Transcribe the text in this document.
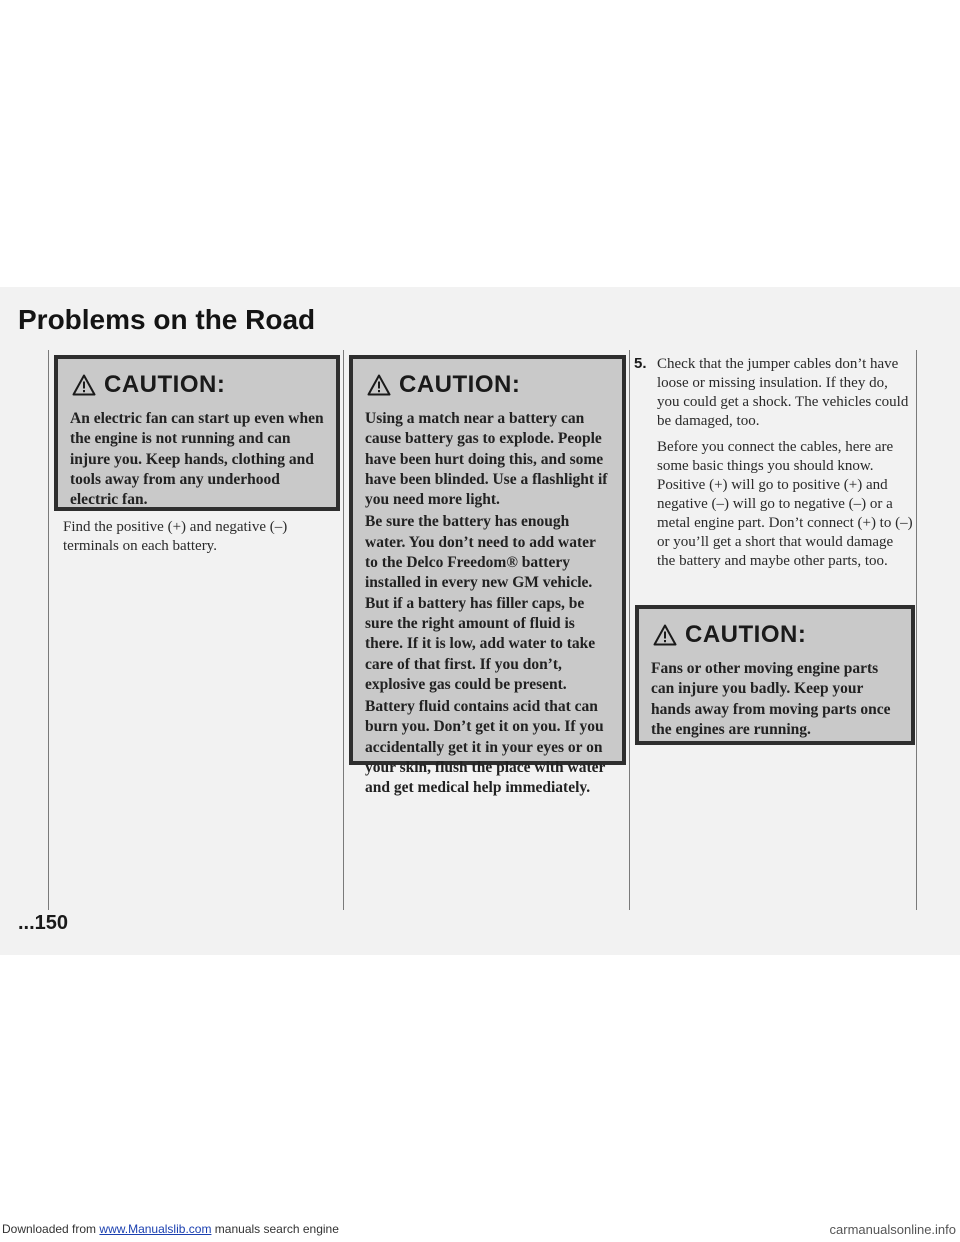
Downloaded from www.Manualslib.com manuals search engine	carmanualsonline.info
Problems on the Road
CAUTION:

An electric fan can start up even when the engine is not running and can injure you. Keep hands, clothing and tools away from any underhood electric fan.

Find the positive (+) and negative (–) terminals on each battery.

CAUTION:

Using a match near a battery can cause battery gas to explode. People have been hurt doing this, and some have been blinded. Use a flashlight if you need more light.

Be sure the battery has enough water. You don’t need to add water to the Delco Freedom® battery installed in every new GM vehicle. But if a battery has filler caps, be sure the right amount of fluid is there. If it is low, add water to take care of that first. If you don’t, explosive gas could be present.

Battery fluid contains acid that can burn you. Don’t get it on you. If you accidentally get it in your eyes or on your skin, flush the place with water and get medical help immediately.

5. Check that the jumper cables don’t have loose or missing insulation. If they do, you could get a shock. The vehicles could be damaged, too.

Before you connect the cables, here are some basic things you should know. Positive (+) will go to positive (+) and negative (–) will go to negative (–) or a metal engine part. Don’t connect (+) to (–) or you’ll get a short that would damage the battery and maybe other parts, too.

CAUTION:

Fans or other moving engine parts can injure you badly. Keep your hands away from moving parts once the engines are running.

...150
